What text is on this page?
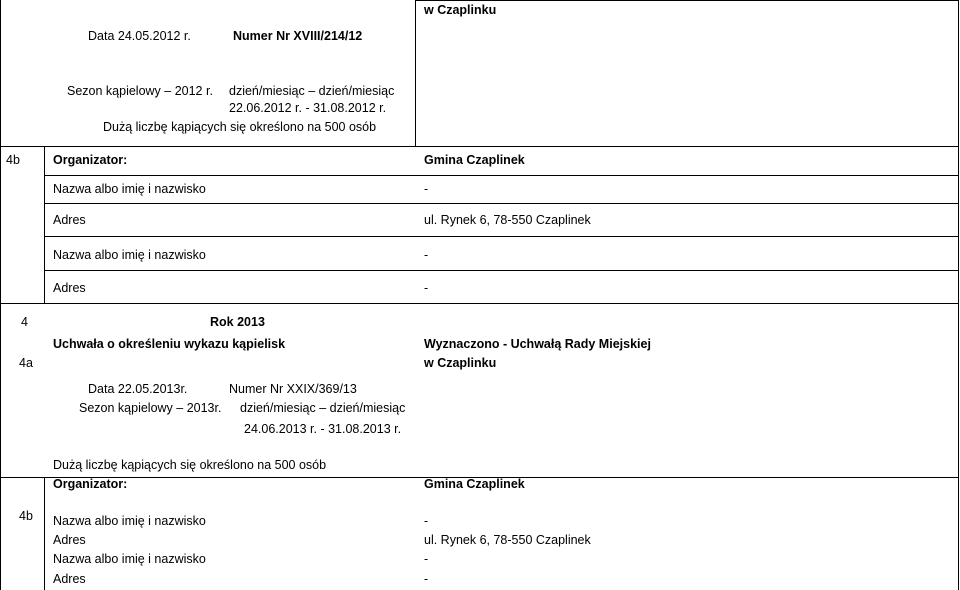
w Czaplinku
Data 24.05.2012 r.	Numer Nr XVIII/214/12
Sezon kąpielowy – 2012 r. dzień/miesiąc – dzień/miesiąc
22.06.2012 r. - 31.08.2012 r.
Dużą liczbę kąpiących się określono na 500 osób
4b	Organizator:	Gmina Czaplinek
Nazwa albo imię i nazwisko	-
Adres	ul. Rynek 6, 78-550 Czaplinek
Nazwa albo imię i nazwisko	-
Adres	-
4	Rok 2013
4a
Uchwała o określeniu wykazu kąpielisk	Wyznaczono - Uchwałą Rady Miejskiej
w Czaplinku
Data 22.05.2013r.	Numer Nr XXIX/369/13
Sezon kąpielowy – 2013r. dzień/miesiąc – dzień/miesiąc
24.06.2013 r. - 31.08.2013 r.
Dużą liczbę kąpiących się określono na 500 osób
4b
Organizator:	Gmina Czaplinek
Nazwa albo imię i nazwisko	-
Adres	ul. Rynek 6, 78-550 Czaplinek
Nazwa albo imię i nazwisko	-
Adres	-
